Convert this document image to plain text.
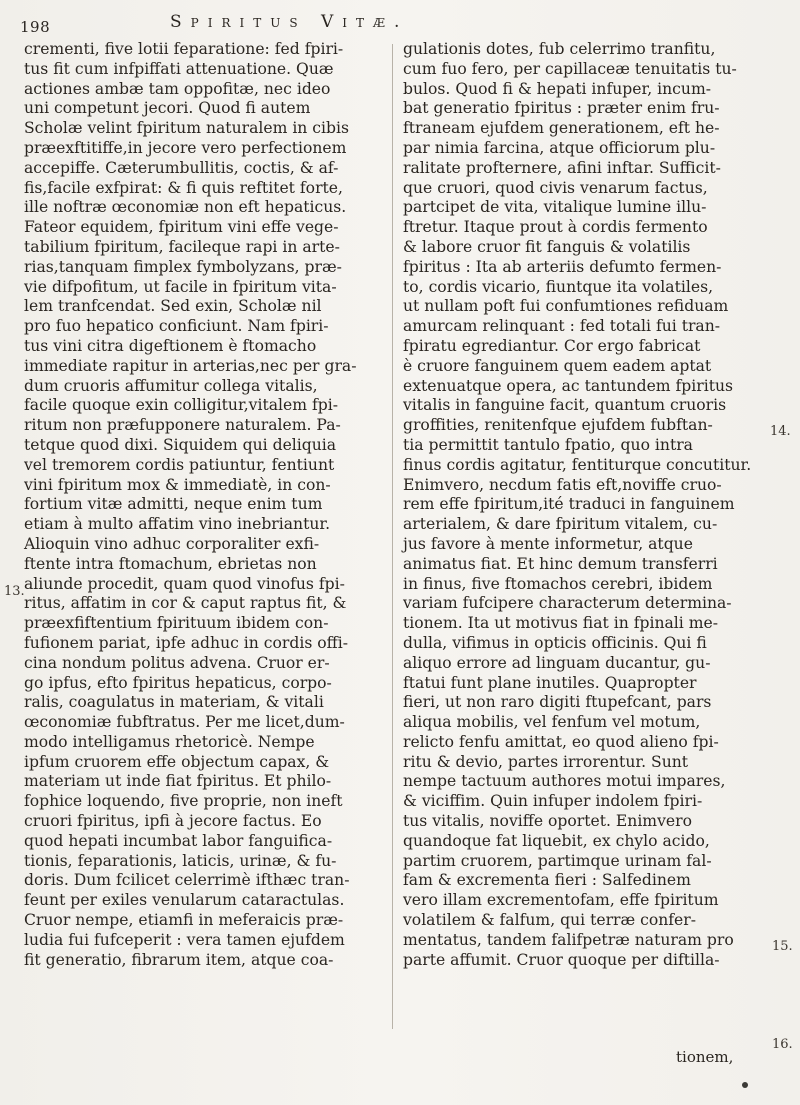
198	Spiritus Vitæ.
crementi, five lotii feparatione: fed fpiri-
tus fit cum infpiffati attenuatione. Quæ
actiones ambæ tam oppofitæ, nec ideo
uni competunt jecori. Quod fi autem
Scholæ velint fpiritum naturalem in cibis
præexftitiffe,in jecore vero perfectionem
accepiffe. Cæterumbullitis, coctis, & af-
fis,facile exfpirat: & fi quis reftitet forte,
ille noftræ œconomiæ non eft hepaticus.
Fateor equidem, fpiritum vini effe vege-
tabilium fpiritum, facileque rapi in arte-
rias,tanquam fimplex fymbolyzans, præ-
vie difpofitum, ut facile in fpiritum vita-
lem tranfcendat. Sed exin, Scholæ nil
pro fuo hepatico conficiunt. Nam fpiri-
tus vini citra digeftionem è ftomacho
immediate rapitur in arterias,nec per gra-
dum cruoris affumitur collega vitalis,
facile quoque exin colligitur,vitalem fpi-
ritum non præfupponere naturalem. Pa-
tetque quod dixi. Siquidem qui deliquia
vel tremorem cordis patiuntur, fentiunt
vini fpiritum mox & immediatè, in con-
fortium vitæ admitti, neque enim tum
etiam à multo affatim vino inebriantur.
Alioquin vino adhuc corporaliter exfi-
ftente intra ftomachum, ebrietas non
aliunde procedit, quam quod vinofus fpi-
ritus, affatim in cor & caput raptus fit, &
præexfiftentium fpirituum ibidem con-
fufionem pariat, ipfe adhuc in cordis offi-
cina nondum politus advena. Cruor er-
go ipfus, efto fpiritus hepaticus, corpo-
ralis, coagulatus in materiam, & vitali
œconomiæ fubftratus. Per me licet,dum-
modo intelligamus rhetoricè. Nempe
ipfum cruorem effe objectum capax, &
materiam ut inde fiat fpiritus. Et philo-
fophice loquendo, five proprie, non ineft
cruori fpiritus, ipfi à jecore factus. Eo
quod hepati incumbat labor fanguifica-
tionis, feparationis, laticis, urinæ, & fu-
doris. Dum fcilicet celerrimè ifthæc tran-
feunt per exiles venularum cataractulas.
Cruor nempe, etiamfi in meferaicis præ-
ludia fui fufceperit : vera tamen ejufdem
fit generatio, fibrarum item, atque coa-
gulationis dotes, fub celerrimo tranfitu,
cum fuo fero, per capillaceæ tenuitatis tu-
bulos. Quod fi & hepati infuper, incum-
bat generatio fpiritus : præter enim fru-
ftraneam ejufdem generationem, eft he-
par nimia farcina, atque officiorum plu-
ralitate profternere, afini inftar. Sufficit-
que cruori, quod civis venarum factus,
partcipet de vita, vitalique lumine illu-
ftretur. Itaque prout à cordis fermento
& labore cruor fit fanguis & volatilis
fpiritus : Ita ab arteriis defumto fermen-
to, cordis vicario, fiuntque ita volatiles,
ut nullam poft fui confumtiones refiduam
amurcam relinquant : fed totali fui tran-
fpiratu egrediantur. Cor ergo fabricat
è cruore fanguinem quem eadem aptat
extenuatque opera, ac tantundem fpiritus
vitalis in fanguine facit, quantum cruoris
groffities, renitenfque ejufdem fubftan-
tia permittit tantulo fpatio, quo intra
finus cordis agitatur, fentiturque concutitur.
Enimvero, necdum fatis eft,noviffe cruo-
rem effe fpiritum,ité traduci in fanguinem
arterialem, & dare fpiritum vitalem, cu-
jus favore à mente informetur, atque
animatus fiat. Et hinc demum transferri
in finus, five ftomachos cerebri, ibidem
variam fufcipere characterum determina-
tionem. Ita ut motivus fiat in fpinali me-
dulla, vifimus in opticis officinis. Qui fi
aliquo errore ad linguam ducantur, gu-
ftatui funt plane inutiles. Quapropter
fieri, ut non raro digiti ftupefcant, pars
aliqua mobilis, vel fenfum vel motum,
relicto fenfu amittat, eo quod alieno fpi-
ritu & devio, partes irrorentur. Sunt
nempe tactuum authores motui impares,
& viciffim. Quin infuper indolem fpiri-
tus vitalis, noviffe oportet. Enimvero
quandoque fat liquebit, ex chylo acido,
partim cruorem, partimque urinam fal-
fam & excrementa fieri : Salfedinem
vero illam excrementofam, effe fpiritum
volatilem & falfum, qui terræ confer-
mentatus, tandem falifpetræ naturam pro
parte affumit. Cruor quoque per diftilla-
13.
14.
15.
16.
tionem,
